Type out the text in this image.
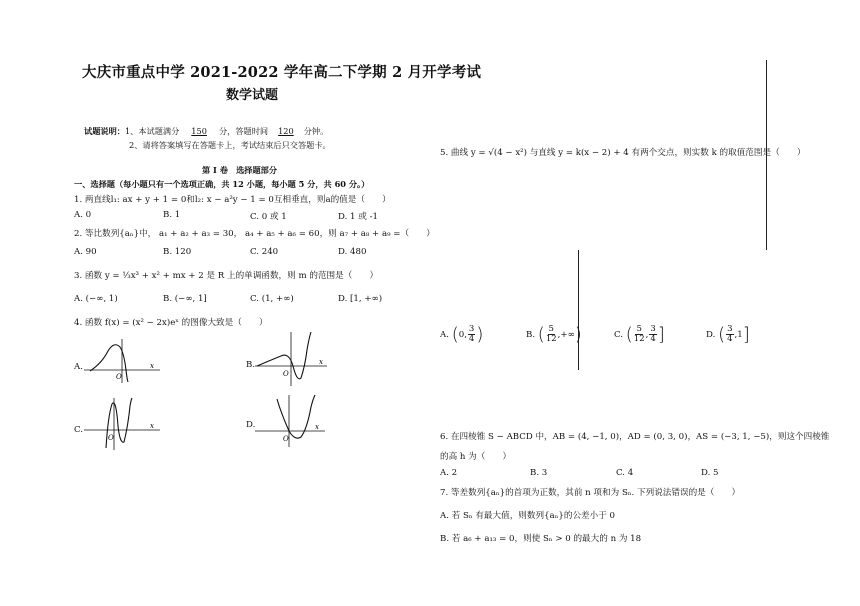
大庆市重点中学 2021-2022 学年高二下学期 2 月开学考试
数学试题
试题说明：1、本试题满分 150 分，答题时间 120 分钟。
2、请将答案填写在答题卡上，考试结束后只交答题卡。
第 I 卷　选择题部分
一、选择题（每小题只有一个选项正确，共 12 小题，每小题 5 分，共 60 分。）
1. 两直线l₁: ax + y + 1 = 0和l₂: x − a²y − 1 = 0互相垂直，则a的值是（　　）
A. 0	B. 1	C. 0 或 1	D. 1 或 -1
2. 等比数列{aₙ}中， a₁ + a₂ + a₃ = 30， a₄ + a₅ + a₆ = 60，则 a₇ + a₈ + a₉ =（　　）
A. 90	B. 120	C. 240	D. 480
3. 函数 y = ⅓x³ + x² + mx + 2 是 R 上的单调函数，则 m 的范围是（　　）
A. (−∞, 1)	B. (−∞, 1]	C. (1, +∞)	D. [1, +∞)
4. 函数 f(x) = (x² − 2x)eˣ 的图像大致是（　　）
A.
O
x	B.
O
x
C.
O
x	D.
O
x
5. 曲线 y = √(4 − x²) 与直线 y = k(x − 2) + 4 有两个交点，则实数 k 的取值范围是（　　）
A. (0, $\frac{3}{4}$ )	B. ( $\frac{5}{12}$ ,+∞)	C. ( $\frac{5}{12}$ , $\frac{3}{4}$ ]	D. ( $\frac{3}{4} ,1$]
6. 在四棱锥 S − ABCD 中，AB = (4, −1, 0)，AD = (0, 3, 0)，AS = (−3, 1, −5)，则这个四棱锥
的高 h 为（　　）
A. 2	B. 3	C. 4	D. 5
7. 等差数列{aₙ}的首项为正数，其前 n 项和为 Sₙ. 下列说法错误的是（　　）
A. 若 Sₙ 有最大值，则数列{aₙ}的公差小于 0
B. 若 a₆ + a₁₃ = 0，则使 Sₙ > 0 的最大的 n 为 18
